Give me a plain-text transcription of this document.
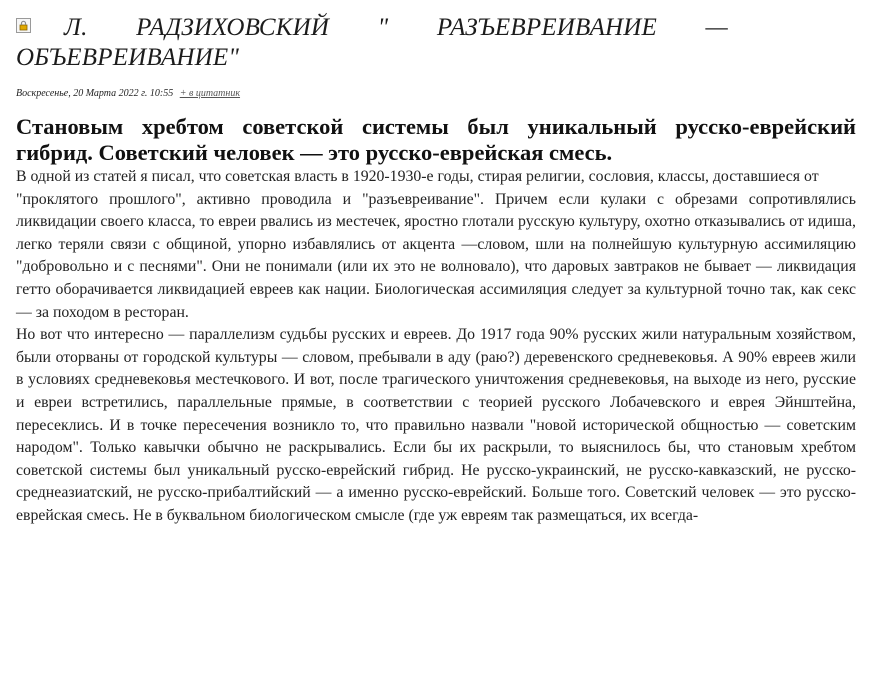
Л. РАДЗИХОВСКИЙ " РАЗЪЕВРЕИВАНИЕ —
ОБЪЕВРЕИВАНИЕ"
Воскресенье, 20 Марта 2022 г. 10:55 + в цитатник
Становым хребтом советской системы был уникальный русско-еврейский гибрид. Советский человек — это русско-еврейская смесь.

В одной из статей я писал, что советская власть в 1920-1930-е годы, стирая религии, сословия, классы, доставшиеся от

"проклятого прошлого", активно проводила и "разъевреивание". Причем если кулаки с обрезами сопротивлялись ликвидации своего класса, то евреи рвались из местечек, яростно глотали русскую культуру, охотно отказывались от идиша, легко теряли связи с общиной, упорно избавлялись от акцента —словом, шли на полнейшую культурную ассимиляцию "добровольно и с песнями". Они не понимали (или их это не волновало), что даровых завтраков не бывает — ликвидация гетто оборачивается ликвидацией евреев как нации. Биологическая ассимиляция следует за культурной точно так, как секс — за походом в ресторан.

Но вот что интересно — параллелизм судьбы русских и евреев. До 1917 года 90% русских жили натуральным хозяйством, были оторваны от городской культуры — словом, пребывали в аду (раю?) деревенского средневековья. А 90% евреев жили в условиях средневековья местечкового. И вот, после трагического уничтожения средневековья, на выходе из него, русские и евреи встретились, параллельные прямые, в соответствии с теорией русского Лобачевского и еврея Эйнштейна, пересеклись. И в точке пересечения возникло то, что правильно назвали "новой исторической общностью — советским народом". Только кавычки обычно не раскрывались. Если бы их раскрыли, то выяснилось бы, что становым хребтом советской системы был уникальный русско-еврейский гибрид. Не русско-украинский, не русско-кавказский, не русско-среднеазиатский, не русско-прибалтийский — а именно русско-еврейский. Больше того. Советский человек — это русско-еврейская смесь. Не в буквальном биологическом смысле (где уж евреям так размещаться, их всегда-
